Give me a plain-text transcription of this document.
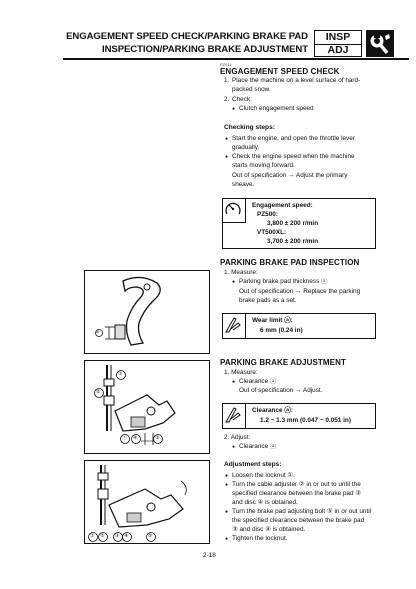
ENGAGEMENT SPEED CHECK/PARKING BRAKE PAD
INSPECTION/PARKING BRAKE ADJUSTMENT
INSP
ADJ
PZ011
ENGAGEMENT SPEED CHECK
1. Place the machine on a level surface of hard-
packed snow.
2. Check:
● Clutch engagement speed
Checking steps:
● Start the engine, and open the throttle lever
gradually.
● Check the engine speed when the machine
starts moving forward.
Out of specification → Adjust the primary
sheave.
Engagement speed:
PZ500:
3,800 ± 200 r/min
VT500XL:
3,700 ± 200 r/min
PARKING BRAKE PAD INSPECTION
1. Measure:
● Parking brake pad thickness ⓐ
Out of specification → Replace the parking
brake pads as a set.
Wear limit ⓐ:
6 mm (0.24 in)
a
PARKING BRAKE ADJUSTMENT
1. Measure:
● Clearance ⓐ
Out of specification → Adjust.
Clearance ⓐ:
1.2 ~ 1.3 mm (0.047 ~ 0.051 in)
2. Adjust:
● Clearance ⓐ
Adjustment steps:
● Loosen the locknut ①.
● Turn the cable adjuster ② in or out to until the
specified clearance between the brake pad ③
and disc ④ is obtained.
● Turn the brake pad adjusting bolt ⑤ in or out until
the specified clearance between the brake pad
③ and disc ④ is obtained.
● Tighten the locknut.
①
②
③
④
ⓐ
① ② ③ ④	⑤
2-18
